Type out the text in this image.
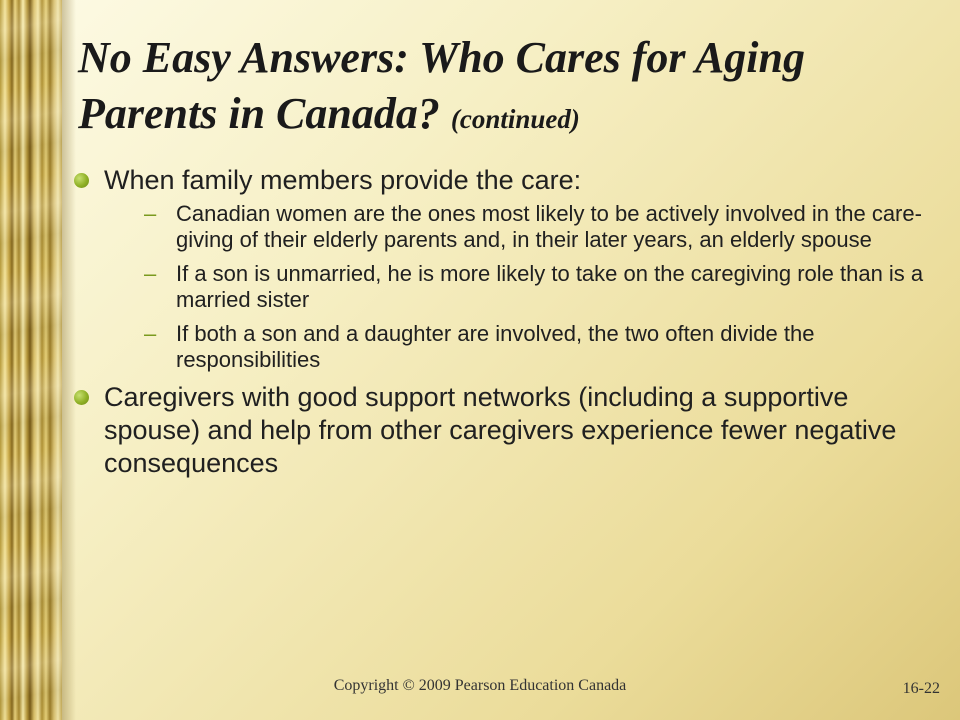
No Easy Answers: Who Cares for Aging Parents in Canada? (continued)
When family members provide the care:
– Canadian women are the ones most likely to be actively involved in the care-giving of their elderly parents and, in their later years, an elderly spouse
– If a son is unmarried, he is more likely to take on the caregiving role than is a married sister
– If both a son and a daughter are involved, the two often divide the responsibilities
Caregivers with good support networks (including a supportive spouse) and help from other caregivers experience fewer negative consequences
Copyright © 2009 Pearson Education Canada	16-22
